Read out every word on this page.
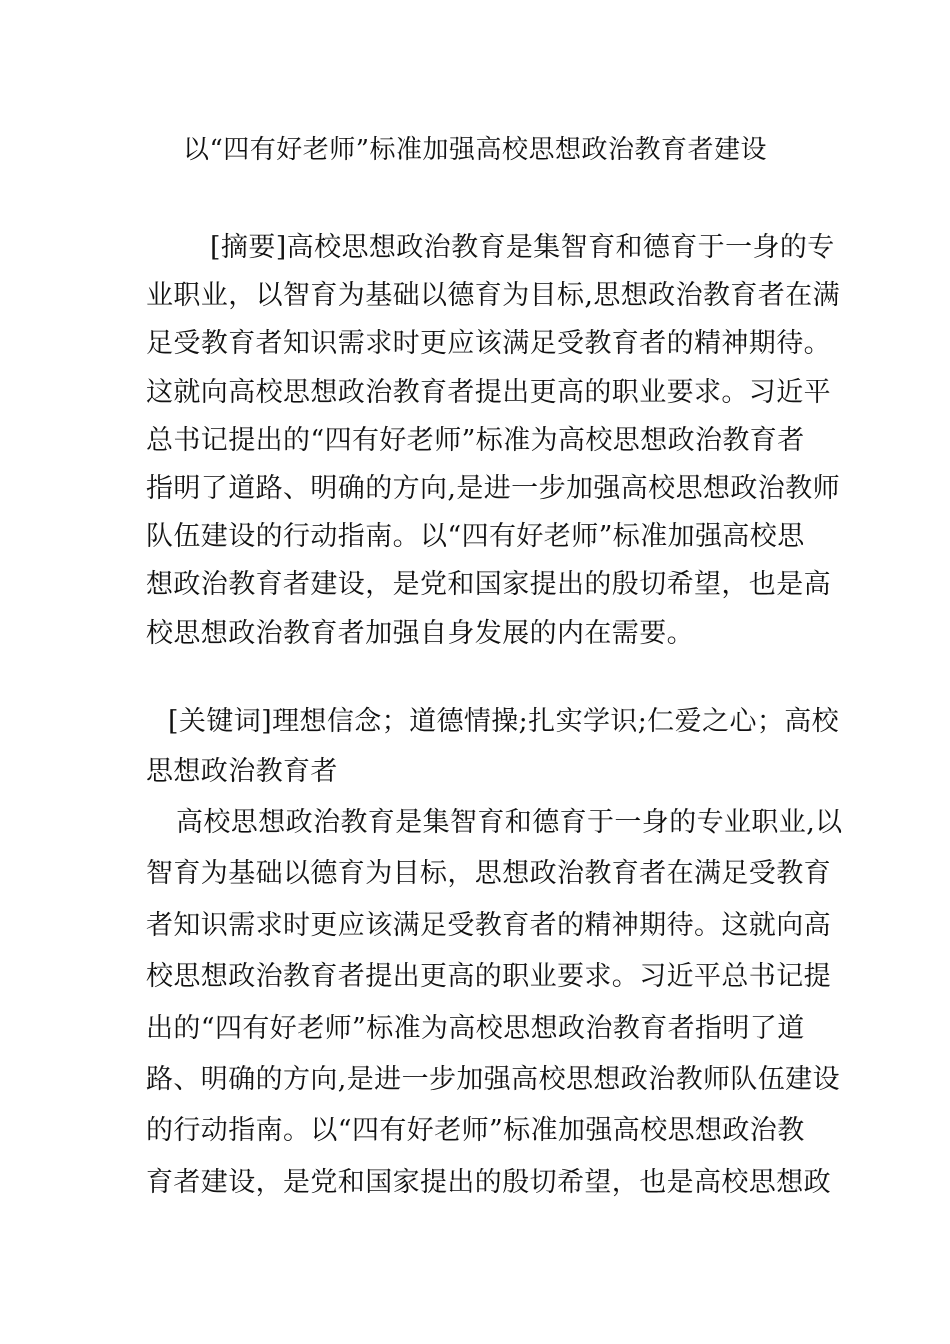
以“四有好老师”标准加强高校思想政治教育者建设
[摘要]高校思想政治教育是集智育和德育于一身的专
业职业，以智育为基础以德育为目标,思想政治教育者在满
足受教育者知识需求时更应该满足受教育者的精神期待。
这就向高校思想政治教育者提出更高的职业要求。习近平
总书记提出的“四有好老师”标准为高校思想政治教育者
指明了道路、明确的方向,是进一步加强高校思想政治教师
队伍建设的行动指南。以“四有好老师”标准加强高校思
想政治教育者建设，是党和国家提出的殷切希望，也是高
校思想政治教育者加强自身发展的内在需要。
[关键词]理想信念；道德情操;扎实学识;仁爱之心；高校
思想政治教育者
高校思想政治教育是集智育和德育于一身的专业职业,以
智育为基础以德育为目标，思想政治教育者在满足受教育
者知识需求时更应该满足受教育者的精神期待。这就向高
校思想政治教育者提出更高的职业要求。习近平总书记提
出的“四有好老师”标准为高校思想政治教育者指明了道
路、明确的方向,是进一步加强高校思想政治教师队伍建设
的行动指南。以“四有好老师”标准加强高校思想政治教
育者建设，是党和国家提出的殷切希望，也是高校思想政
